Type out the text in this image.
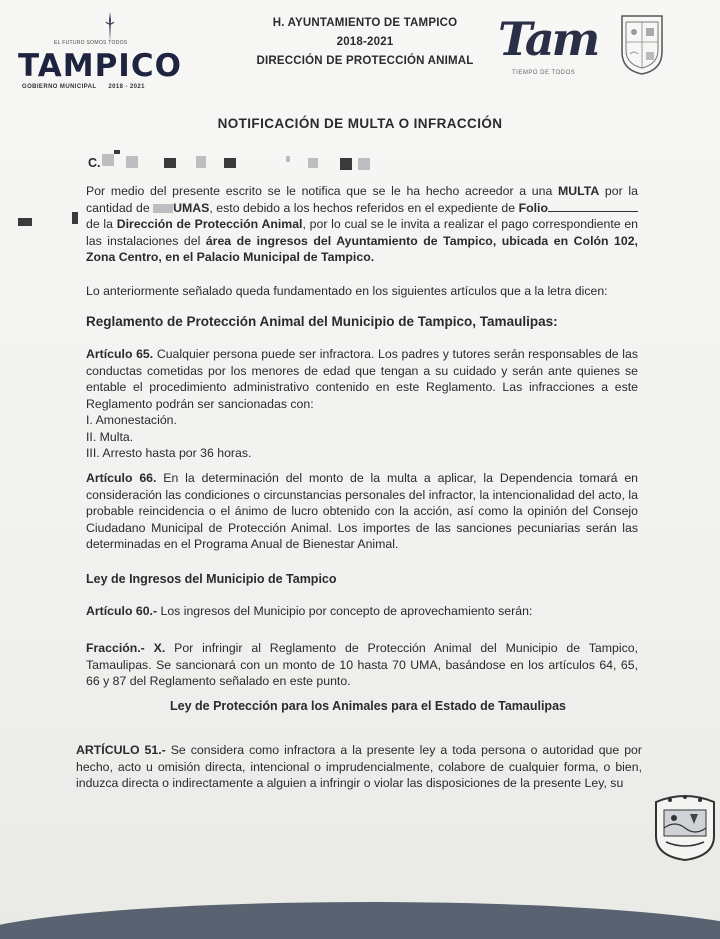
EL FUTURO SOMOS TODOS
TAMPICO
GOBIERNO MUNICIPAL 2018 - 2021
H. AYUNTAMIENTO DE TAMPICO
2018-2021
DIRECCIÓN DE PROTECCIÓN ANIMAL Tam
TIEMPO DE TODOS
NOTIFICACIÓN DE MULTA O INFRACCIÓN
C.
Por medio del presente escrito se le notifica que se le ha hecho acreedor a una MULTA por la cantidad de UMAS, esto debido a los hechos referidos en el expediente de Folio de la Dirección de Protección Animal, por lo cual se le invita a realizar el pago correspondiente en las instalaciones del área de ingresos del Ayuntamiento de Tampico, ubicada en Colón 102, Zona Centro, en el Palacio Municipal de Tampico.
Lo anteriormente señalado queda fundamentado en los siguientes artículos que a la letra dicen:
Reglamento de Protección Animal del Municipio de Tampico, Tamaulipas:
Artículo 65. Cualquier persona puede ser infractora. Los padres y tutores serán responsables de las conductas cometidas por los menores de edad que tengan a su cuidado y serán ante quienes se entable el procedimiento administrativo contenido en este Reglamento. Las infracciones a este Reglamento podrán ser sancionadas con:
I. Amonestación.
II. Multa.
III. Arresto hasta por 36 horas.
Artículo 66. En la determinación del monto de la multa a aplicar, la Dependencia tomará en consideración las condiciones o circunstancias personales del infractor, la intencionalidad del acto, la probable reincidencia o el ánimo de lucro obtenido con la acción, así como la opinión del Consejo Ciudadano Municipal de Protección Animal. Los importes de las sanciones pecuniarias serán las determinadas en el Programa Anual de Bienestar Animal.
Ley de Ingresos del Municipio de Tampico
Artículo 60.- Los ingresos del Municipio por concepto de aprovechamiento serán:
Fracción.- X. Por infringir al Reglamento de Protección Animal del Municipio de Tampico, Tamaulipas. Se sancionará con un monto de 10 hasta 70 UMA, basándose en los artículos 64, 65, 66 y 87 del Reglamento señalado en este punto.
Ley de Protección para los Animales para el Estado de Tamaulipas
ARTÍCULO 51.- Se considera como infractora a la presente ley a toda persona o autoridad que por hecho, acto u omisión directa, intencional o imprudencialmente, colabore de cualquier forma, o bien, induzca directa o indirectamente a alguien a infringir o violar las disposiciones de la presente Ley, su
